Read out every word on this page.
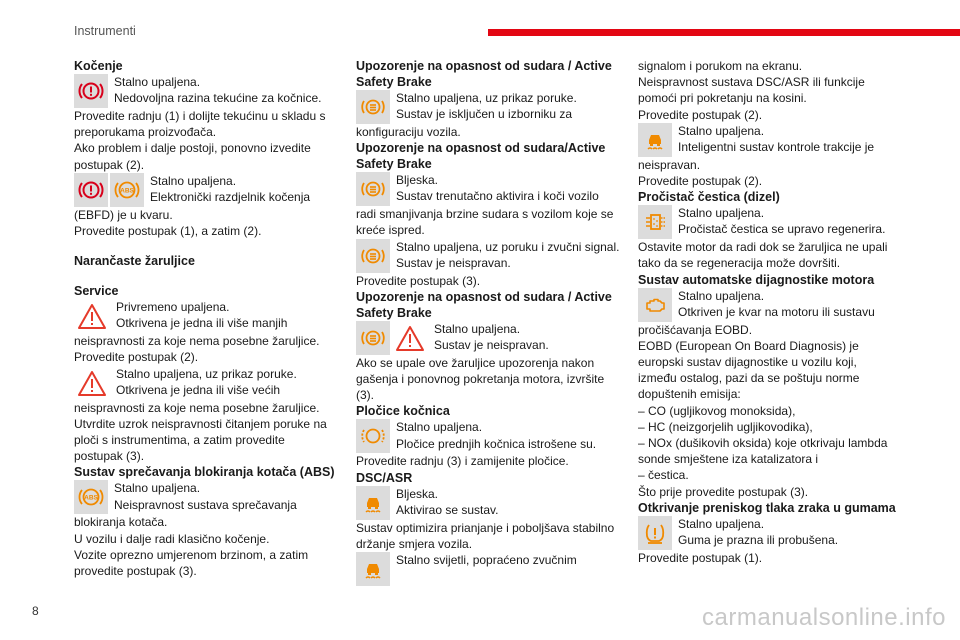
Instrumenti

Kočenje

Stalno upaljena.

Nedovoljna razina tekućine za kočnice.

Provedite radnju (1) i dolijte tekućinu u skladu s preporukama proizvođača.

Ako problem i dalje postoji, ponovno izvedite postupak (2).

ABS

Stalno upaljena.

Elektronički razdjelnik kočenja

(EBFD) je u kvaru.

Provedite postupak (1), a zatim (2).

Narančaste žaruljice

Service

Privremeno upaljena.

Otkrivena je jedna ili više manjih

neispravnosti za koje nema posebne žaruljice.

Provedite postupak (2).

Stalno upaljena, uz prikaz poruke.

Otkrivena je jedna ili više većih

neispravnosti za koje nema posebne žaruljice.

Utvrdite uzrok neispravnosti čitanjem poruke na ploči s instrumentima, a zatim provedite postupak (3).

Sustav sprečavanja blokiranja kotača (ABS)

ABS

Stalno upaljena.

Neispravnost sustava sprečavanja

blokiranja kotača.

U vozilu i dalje radi klasično kočenje.

Vozite oprezno umjerenom brzinom, a zatim provedite postupak (3).

Upozorenje na opasnost od sudara / Active Safety Brake

Stalno upaljena, uz prikaz poruke.

Sustav je isključen u izborniku za

konfiguraciju vozila.

Upozorenje na opasnost od sudara/Active Safety Brake

Bljeska.

Sustav trenutačno aktivira i koči vozilo

radi smanjivanja brzine sudara s vozilom koje se kreće ispred.

Stalno upaljena, uz poruku i zvučni signal.

Sustav je neispravan.

Provedite postupak (3).

Upozorenje na opasnost od sudara / Active Safety Brake

Stalno upaljena.

Sustav je neispravan.

Ako se upale ove žaruljice upozorenja nakon gašenja i ponovnog pokretanja motora, izvršite (3).

Pločice kočnica

Stalno upaljena.

Pločice prednjih kočnica istrošene su.

Provedite radnju (3) i zamijenite pločice.

DSC/ASR

Bljeska.

Aktivirao se sustav.

Sustav optimizira prianjanje i poboljšava stabilno držanje smjera vozila.

Stalno svijetli, popraćeno zvučnim

signalom i porukom na ekranu.

Neispravnost sustava DSC/ASR ili funkcije pomoći pri pokretanju na kosini.

Provedite postupak (2).

Stalno upaljena.

Inteligentni sustav kontrole trakcije je

neispravan.

Provedite postupak (2).

Pročistač čestica (dizel)

Stalno upaljena.

Pročistač čestica se upravo regenerira.

Ostavite motor da radi dok se žaruljica ne upali tako da se regeneracija može dovršiti.

Sustav automatske dijagnostike motora

Stalno upaljena.

Otkriven je kvar na motoru ili sustavu

pročišćavanja EOBD.

EOBD (European On Board Diagnosis) je europski sustav dijagnostike u vozilu koji, između ostalog, pazi da se poštuju norme dopuštenih emisija:

– CO (ugljikovog monoksida),

– HC (neizgorjelih ugljikovodika),

– NOx (dušikovih oksida) koje otkrivaju lambda sonde smještene iza katalizatora i

– čestica.

Što prije provedite postupak (3).

Otkrivanje preniskog tlaka zraka u gumama

Stalno upaljena.

Guma je prazna ili probušena.

Provedite postupak (1).

8	carmanualsonline.info
